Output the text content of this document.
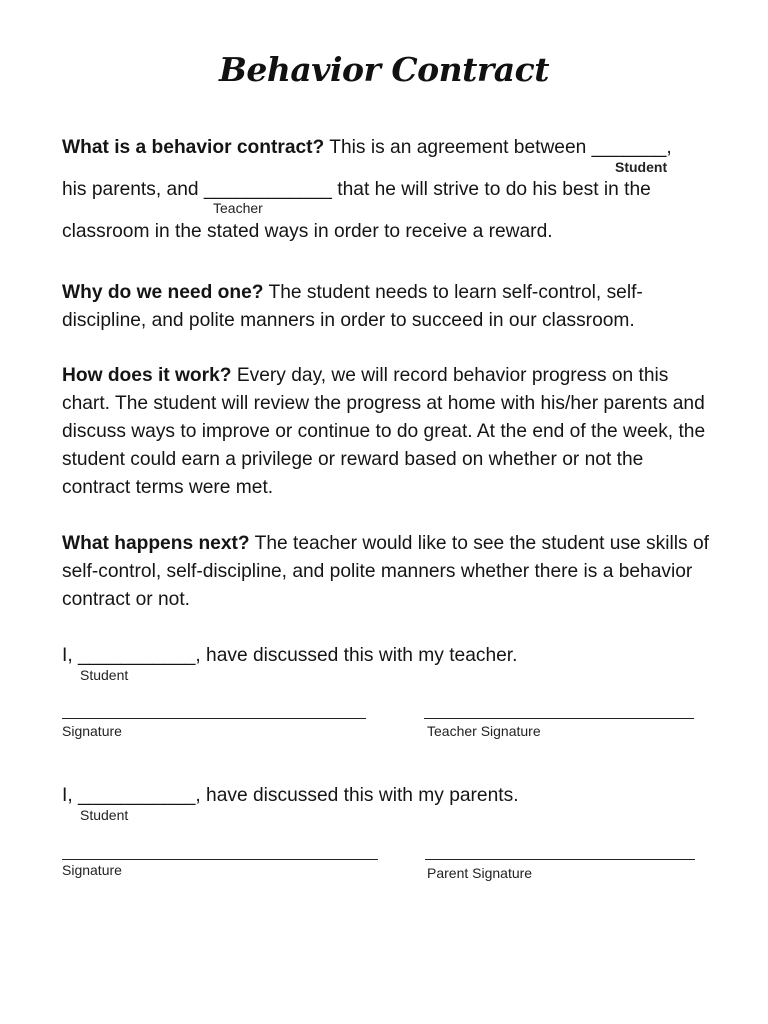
Behavior Contract
What is a behavior contract? This is an agreement between _______,
Student
his parents, and ____________ that he will strive to do his best in the
Teacher
classroom in the stated ways in order to receive a reward.
Why do we need one? The student needs to learn self-control, self-discipline, and polite manners in order to succeed in our classroom.
How does it work? Every day, we will record behavior progress on this chart. The student will review the progress at home with his/her parents and discuss ways to improve or continue to do great. At the end of the week, the student could earn a privilege or reward based on whether or not the contract terms were met.
What happens next? The teacher would like to see the student use skills of self-control, self-discipline, and polite manners whether there is a behavior contract or not.
I, ___________, have discussed this with my teacher.
Student
Signature	Teacher Signature
I, ___________, have discussed this with my parents.
Student
Signature	Parent Signature
